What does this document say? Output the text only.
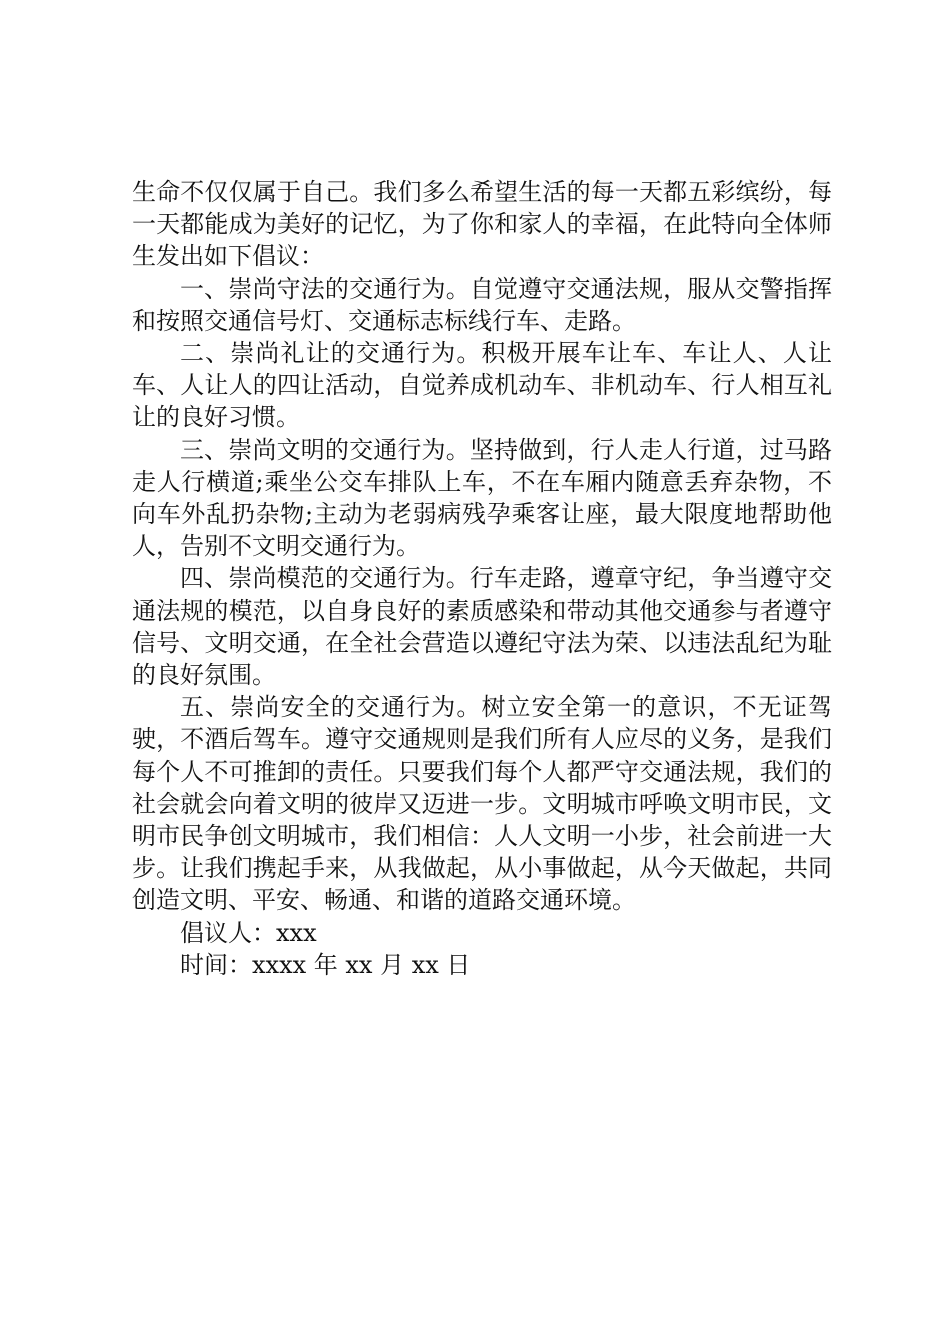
生命不仅仅属于自己。我们多么希望生活的每一天都五彩缤纷，每一天都能成为美好的记忆，为了你和家人的幸福，在此特向全体师生发出如下倡议：

一、崇尚守法的交通行为。自觉遵守交通法规，服从交警指挥和按照交通信号灯、交通标志标线行车、走路。

二、崇尚礼让的交通行为。积极开展车让车、车让人、人让车、人让人的四让活动，自觉养成机动车、非机动车、行人相互礼让的良好习惯。

三、崇尚文明的交通行为。坚持做到，行人走人行道，过马路走人行横道;乘坐公交车排队上车，不在车厢内随意丢弃杂物，不向车外乱扔杂物;主动为老弱病残孕乘客让座，最大限度地帮助他人，告别不文明交通行为。

四、崇尚模范的交通行为。行车走路，遵章守纪，争当遵守交通法规的模范，以自身良好的素质感染和带动其他交通参与者遵守信号、文明交通，在全社会营造以遵纪守法为荣、以违法乱纪为耻的良好氛围。

五、崇尚安全的交通行为。树立安全第一的意识，不无证驾驶，不酒后驾车。遵守交通规则是我们所有人应尽的义务，是我们每个人不可推卸的责任。只要我们每个人都严守交通法规，我们的社会就会向着文明的彼岸又迈进一步。文明城市呼唤文明市民，文明市民争创文明城市，我们相信：人人文明一小步，社会前进一大步。让我们携起手来，从我做起，从小事做起，从今天做起，共同创造文明、平安、畅通、和谐的道路交通环境。

倡议人：xxx

时间：xxxx 年 xx 月 xx 日
